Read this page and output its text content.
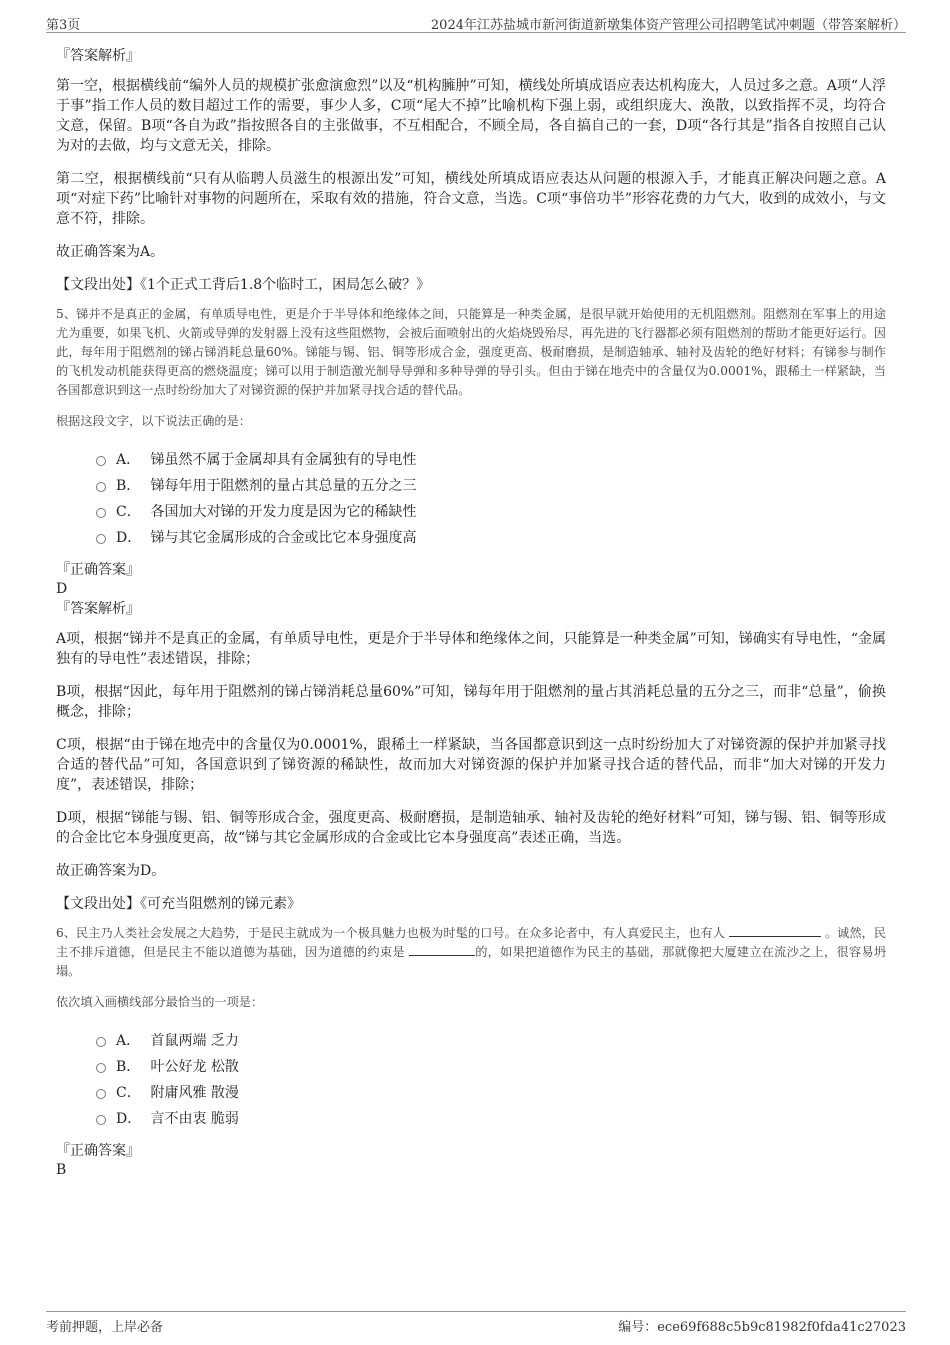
第3页	2024年江苏盐城市新河街道新墩集体资产管理公司招聘笔试冲刺题（带答案解析）

『答案解析』

第一空，根据横线前“编外人员的规模扩张愈演愈烈”以及“机构臃肿”可知，横线处所填成语应表达机构庞大，人员过多之意。A项“人浮于事”指工作人员的数目超过工作的需要，事少人多，C项“尾大不掉”比喻机构下强上弱，或组织庞大、涣散，以致指挥不灵，均符合文意，保留。B项“各自为政”指按照各自的主张做事，不互相配合，不顾全局，各自搞自己的一套，D项“各行其是”指各自按照自己认为对的去做，均与文意无关，排除。

第二空，根据横线前“只有从临聘人员滋生的根源出发”可知，横线处所填成语应表达从问题的根源入手，才能真正解决问题之意。A项“对症下药”比喻针对事物的问题所在，采取有效的措施，符合文意，当选。C项“事倍功半”形容花费的力气大，收到的成效小，与文意不符，排除。

故正确答案为A。

【文段出处】《1个正式工背后1.8个临时工，困局怎么破？》

5、锑并不是真正的金属，有单质导电性，更是介于半导体和绝缘体之间，只能算是一种类金属，是很早就开始使用的无机阻燃剂。阻燃剂在军事上的用途尤为重要，如果飞机、火箭或导弹的发射器上没有这些阻燃物，会被后面喷射出的火焰烧毁殆尽，再先进的飞行器都必须有阻燃剂的帮助才能更好运行。因此，每年用于阻燃剂的锑占锑消耗总量60%。锑能与锡、铝、铜等形成合金，强度更高、极耐磨损，是制造轴承、轴衬及齿轮的绝好材料；有锑参与制作的飞机发动机能获得更高的燃烧温度；锑可以用于制造激光制导导弹和多种导弹的导引头。但由于锑在地壳中的含量仅为0.0001%，跟稀土一样紧缺，当各国都意识到这一点时纷纷加大了对锑资源的保护并加紧寻找合适的替代品。

根据这段文字，以下说法正确的是：

A． 锑虽然不属于金属却具有金属独有的导电性
B． 锑每年用于阻燃剂的量占其总量的五分之三
C． 各国加大对锑的开发力度是因为它的稀缺性
D． 锑与其它金属形成的合金或比它本身强度高

『正确答案』

D

『答案解析』

A项，根据“锑并不是真正的金属，有单质导电性，更是介于半导体和绝缘体之间，只能算是一种类金属”可知，锑确实有导电性，“金属独有的导电性”表述错误，排除；

B项，根据“因此，每年用于阻燃剂的锑占锑消耗总量60%”可知，锑每年用于阻燃剂的量占其消耗总量的五分之三，而非“总量”，偷换概念，排除；

C项，根据“由于锑在地壳中的含量仅为0.0001%，跟稀土一样紧缺，当各国都意识到这一点时纷纷加大了对锑资源的保护并加紧寻找合适的替代品”可知，各国意识到了锑资源的稀缺性，故而加大对锑资源的保护并加紧寻找合适的替代品，而非“加大对锑的开发力度”，表述错误，排除；

D项，根据“锑能与锡、铝、铜等形成合金，强度更高、极耐磨损，是制造轴承、轴衬及齿轮的绝好材料”可知，锑与锡、铝、铜等形成的合金比它本身强度更高，故“锑与其它金属形成的合金或比它本身强度高”表述正确，当选。

故正确答案为D。

【文段出处】《可充当阻燃剂的锑元素》

6、民主乃人类社会发展之大趋势，于是民主就成为一个极具魅力也极为时髦的口号。在众多论者中，有人真爱民主，也有人	。诚然，民主不排斥道德，但是民主不能以道德为基础，因为道德的约束是	的，如果把道德作为民主的基础，那就像把大厦建立在流沙之上，很容易坍塌。

依次填入画横线部分最恰当的一项是：

A． 首鼠两端 乏力
B． 叶公好龙 松散
C． 附庸风雅 散漫
D． 言不由衷 脆弱

『正确答案』

B

考前押题，上岸必备	编号：ece69f688c5b9c81982f0fda41c27023
